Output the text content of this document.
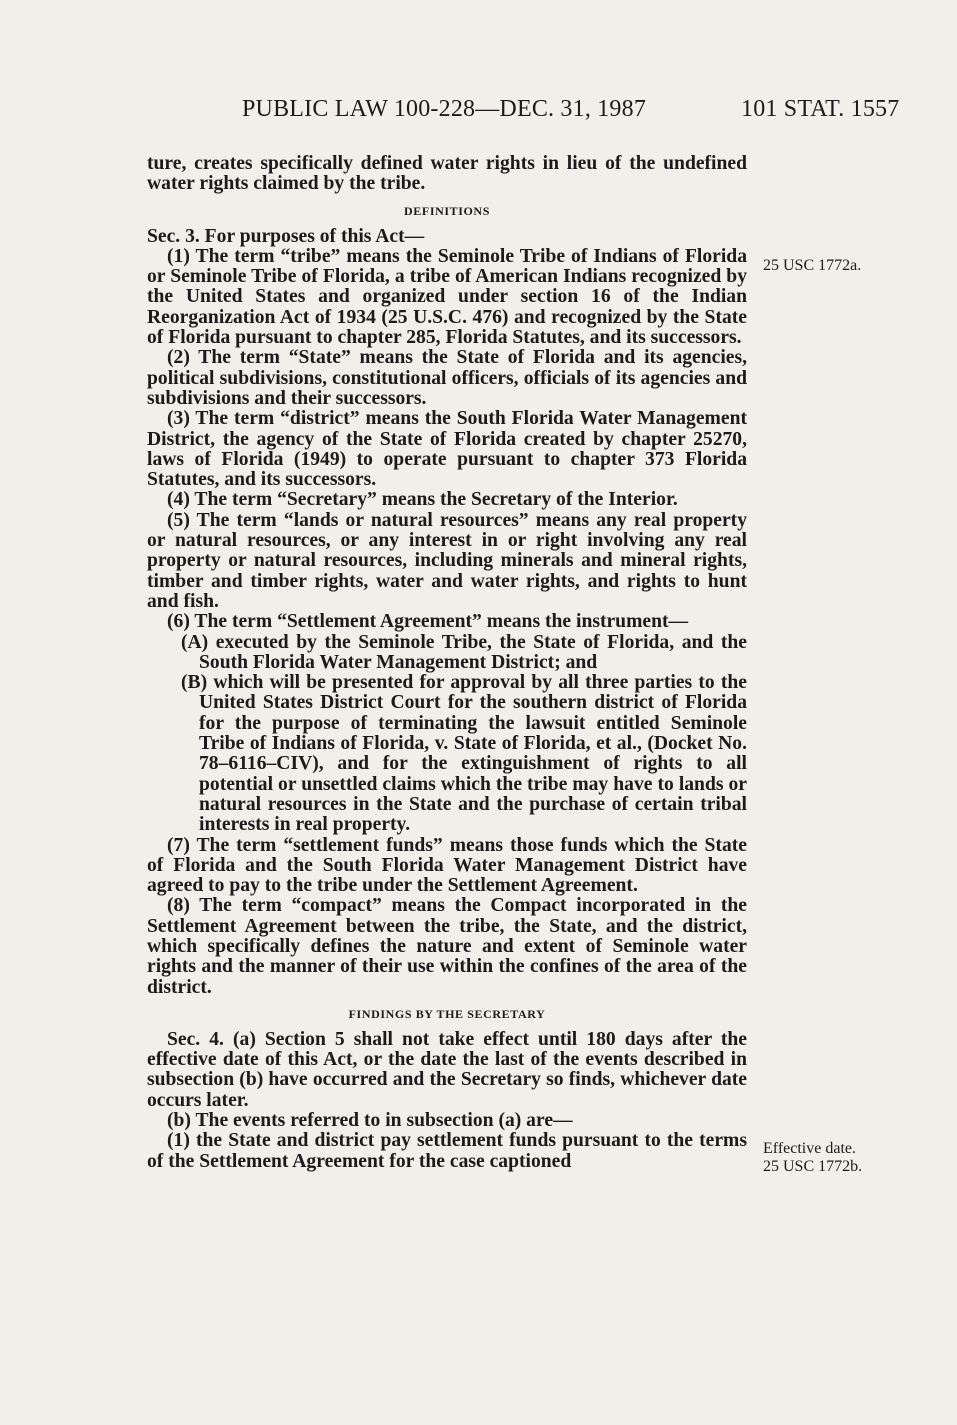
PUBLIC LAW 100-228—DEC. 31, 1987	101 STAT. 1557
25 USC 1772a.
Effective date.
25 USC 1772b.

ture, creates specifically defined water rights in lieu of the undefined water rights claimed by the tribe.

DEFINITIONS

Sec. 3. For purposes of this Act—

(1) The term “tribe” means the Seminole Tribe of Indians of Florida or Seminole Tribe of Florida, a tribe of American Indians recognized by the United States and organized under section 16 of the Indian Reorganization Act of 1934 (25 U.S.C. 476) and recognized by the State of Florida pursuant to chapter 285, Florida Statutes, and its successors.

(2) The term “State” means the State of Florida and its agencies, political subdivisions, constitutional officers, officials of its agencies and subdivisions and their successors.

(3) The term “district” means the South Florida Water Management District, the agency of the State of Florida created by chapter 25270, laws of Florida (1949) to operate pursuant to chapter 373 Florida Statutes, and its successors.

(4) The term “Secretary” means the Secretary of the Interior.

(5) The term “lands or natural resources” means any real property or natural resources, or any interest in or right involving any real property or natural resources, including minerals and mineral rights, timber and timber rights, water and water rights, and rights to hunt and fish.

(6) The term “Settlement Agreement” means the instrument—

(A) executed by the Seminole Tribe, the State of Florida, and the South Florida Water Management District; and

(B) which will be presented for approval by all three parties to the United States District Court for the southern district of Florida for the purpose of terminating the lawsuit entitled Seminole Tribe of Indians of Florida, v. State of Florida, et al., (Docket No. 78–6116–CIV), and for the extinguishment of rights to all potential or unsettled claims which the tribe may have to lands or natural resources in the State and the purchase of certain tribal interests in real property.

(7) The term “settlement funds” means those funds which the State of Florida and the South Florida Water Management District have agreed to pay to the tribe under the Settlement Agreement.

(8) The term “compact” means the Compact incorporated in the Settlement Agreement between the tribe, the State, and the district, which specifically defines the nature and extent of Seminole water rights and the manner of their use within the confines of the area of the district.

FINDINGS BY THE SECRETARY

Sec. 4. (a) Section 5 shall not take effect until 180 days after the effective date of this Act, or the date the last of the events described in subsection (b) have occurred and the Secretary so finds, whichever date occurs later.

(b) The events referred to in subsection (a) are—

(1) the State and district pay settlement funds pursuant to the terms of the Settlement Agreement for the case captioned
